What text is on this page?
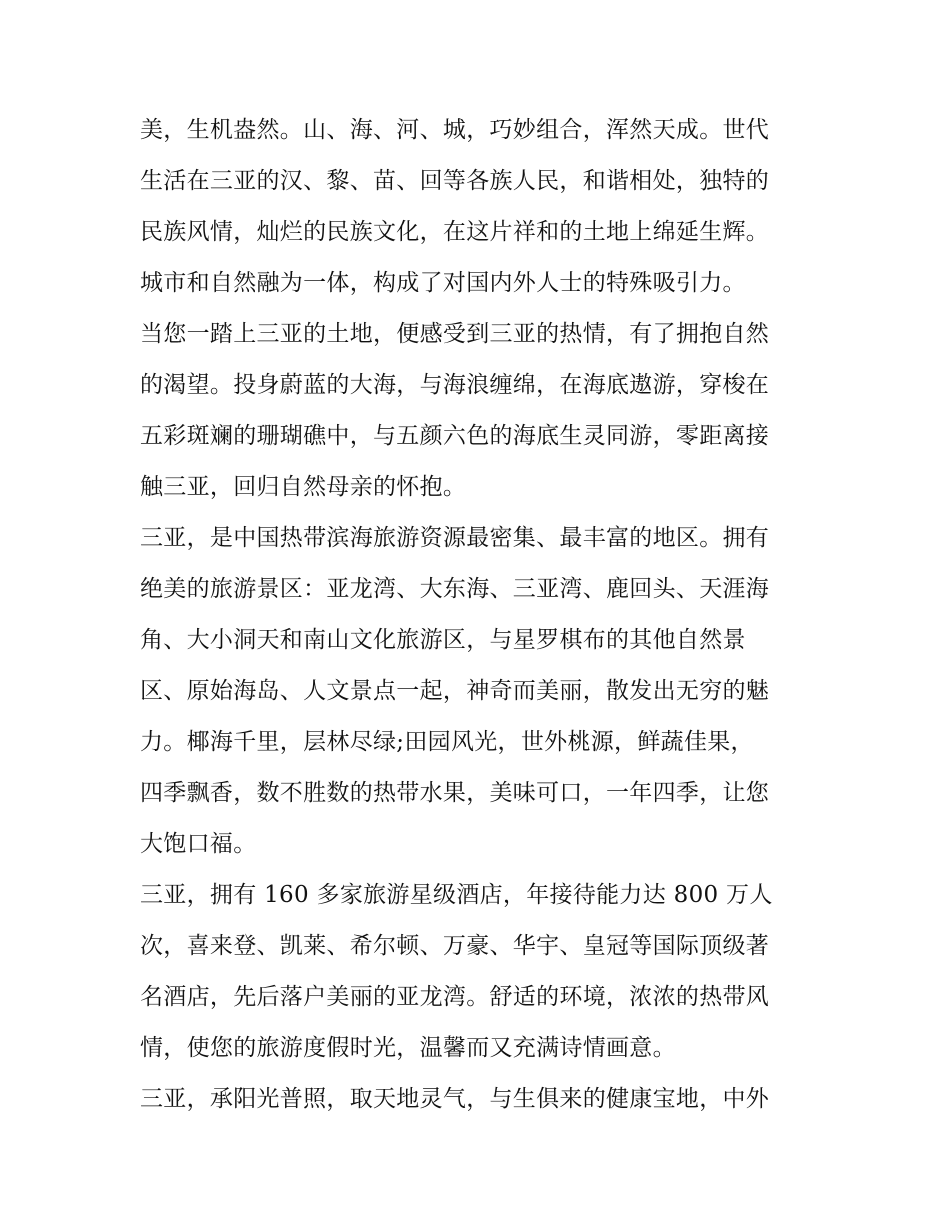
美，生机盎然。山、海、河、城，巧妙组合，浑然天成。世代
生活在三亚的汉、黎、苗、回等各族人民，和谐相处，独特的
民族风情，灿烂的民族文化，在这片祥和的土地上绵延生辉。
城市和自然融为一体，构成了对国内外人士的特殊吸引力。
当您一踏上三亚的土地，便感受到三亚的热情，有了拥抱自然
的渴望。投身蔚蓝的大海，与海浪缠绵，在海底遨游，穿梭在
五彩斑斓的珊瑚礁中，与五颜六色的海底生灵同游，零距离接
触三亚，回归自然母亲的怀抱。
三亚，是中国热带滨海旅游资源最密集、最丰富的地区。拥有
绝美的旅游景区：亚龙湾、大东海、三亚湾、鹿回头、天涯海
角、大小洞天和南山文化旅游区，与星罗棋布的其他自然景
区、原始海岛、人文景点一起，神奇而美丽，散发出无穷的魅
力。椰海千里，层林尽绿;田园风光，世外桃源，鲜蔬佳果，
四季飘香，数不胜数的热带水果，美味可口，一年四季，让您
大饱口福。
三亚，拥有 160 多家旅游星级酒店，年接待能力达 800 万人
次，喜来登、凯莱、希尔顿、万豪、华宇、皇冠等国际顶级著
名酒店，先后落户美丽的亚龙湾。舒适的环境，浓浓的热带风
情，使您的旅游度假时光，温馨而又充满诗情画意。
三亚，承阳光普照，取天地灵气，与生俱来的健康宝地，中外
